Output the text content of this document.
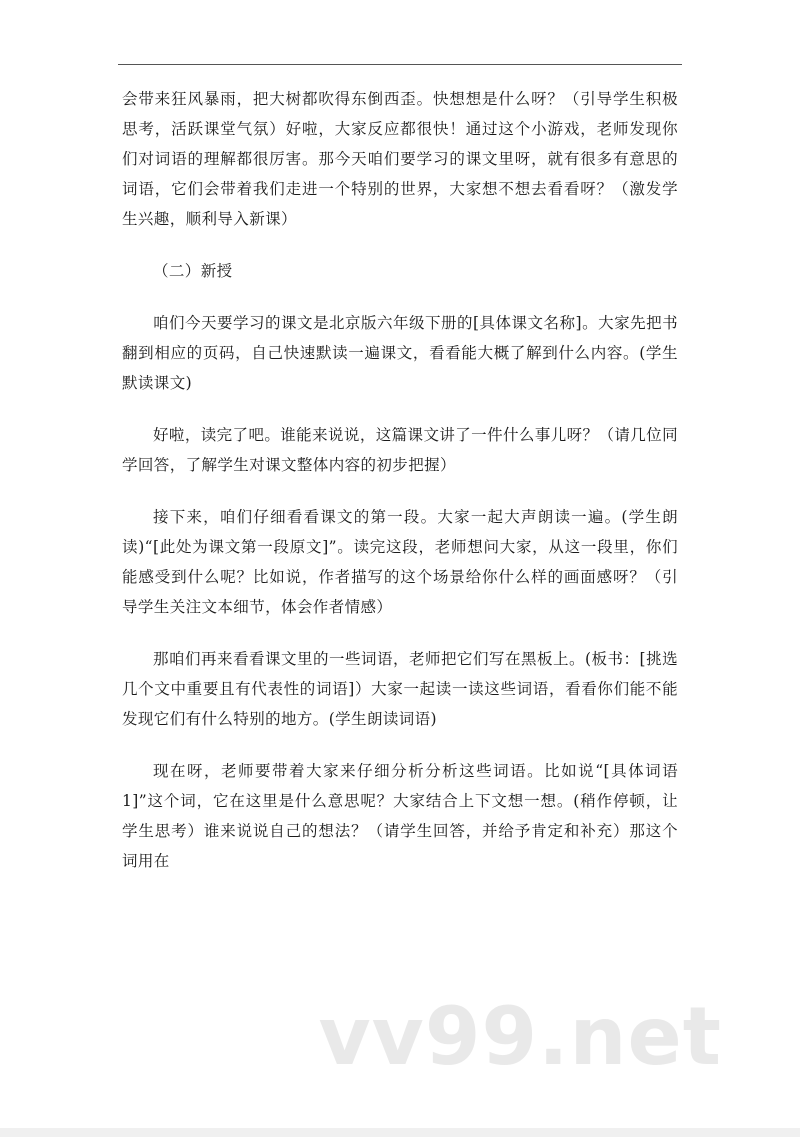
会带来狂风暴雨，把大树都吹得东倒西歪。快想想是什么呀？（引导学生积极思考，活跃课堂气氛）好啦，大家反应都很快！通过这个小游戏，老师发现你们对词语的理解都很厉害。那今天咱们要学习的课文里呀，就有很多有意思的词语，它们会带着我们走进一个特别的世界，大家想不想去看看呀？（激发学生兴趣，顺利导入新课）

（二）新授

咱们今天要学习的课文是北京版六年级下册的[具体课文名称]。大家先把书翻到相应的页码，自己快速默读一遍课文，看看能大概了解到什么内容。(学生默读课文)

好啦，读完了吧。谁能来说说，这篇课文讲了一件什么事儿呀？（请几位同学回答，了解学生对课文整体内容的初步把握）

接下来，咱们仔细看看课文的第一段。大家一起大声朗读一遍。(学生朗读)“[此处为课文第一段原文]”。读完这段，老师想问大家，从这一段里，你们能感受到什么呢？比如说，作者描写的这个场景给你什么样的画面感呀？（引导学生关注文本细节，体会作者情感）

那咱们再来看看课文里的一些词语，老师把它们写在黑板上。(板书：[挑选几个文中重要且有代表性的词语]）大家一起读一读这些词语，看看你们能不能发现它们有什么特别的地方。(学生朗读词语)

现在呀，老师要带着大家来仔细分析分析这些词语。比如说“[具体词语 1]”这个词，它在这里是什么意思呢？大家结合上下文想一想。(稍作停顿，让学生思考）谁来说说自己的想法？（请学生回答，并给予肯定和补充）那这个词用在

vv99.net
